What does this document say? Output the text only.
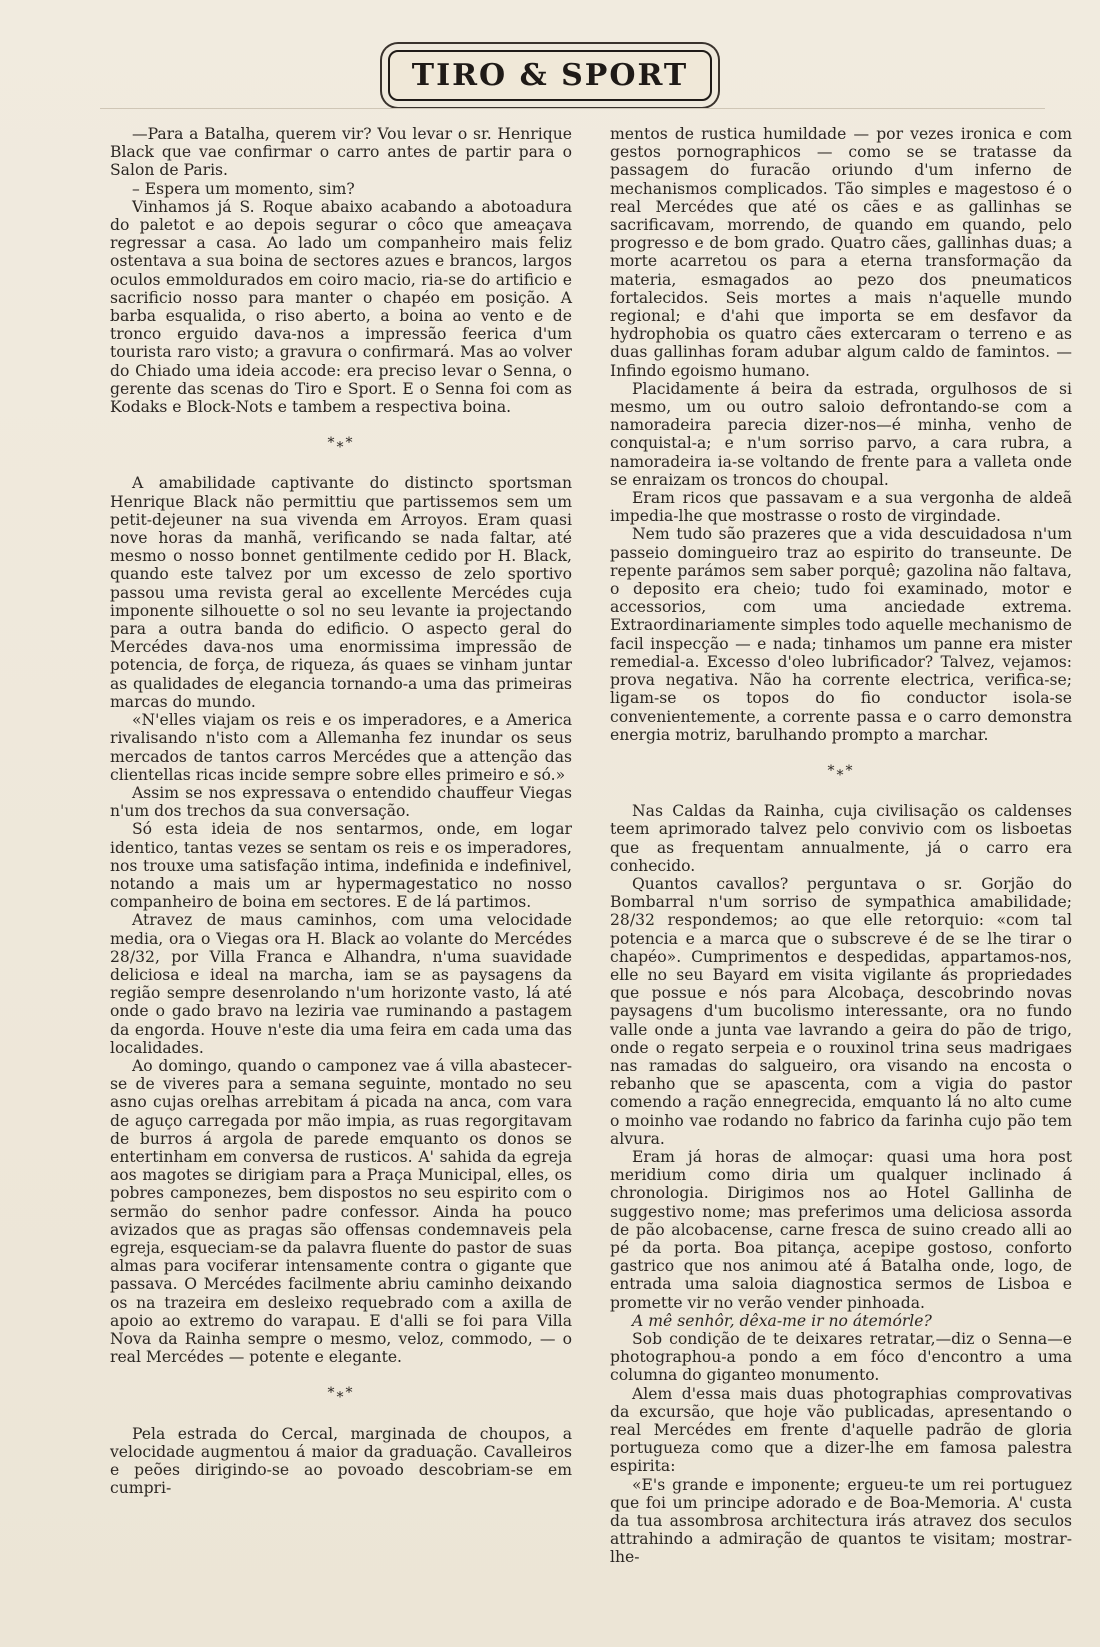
TIRO & SPORT

—Para a Batalha, querem vir? Vou levar o sr. Henrique Black que vae confirmar o carro antes de partir para o Salon de Paris.

– Espera um momento, sim?

Vinhamos já S. Roque abaixo acabando a abotoadura do paletot e ao depois segurar o côco que ameaçava regressar a casa. Ao lado um companheiro mais feliz ostentava a sua boina de sectores azues e brancos, largos oculos emmoldurados em coiro macio, ria-se do artificio e sacrificio nosso para manter o chapéo em posição. A barba esqualida, o riso aberto, a boina ao vento e de tronco erguido dava-nos a impressão feerica d'um tourista raro visto; a gravura o confirmará. Mas ao volver do Chiado uma ideia accode: era preciso levar o Senna, o gerente das scenas do Tiro e Sport. E o Senna foi com as Kodaks e Block-Nots e tambem a respectiva boina.

*⁎*

A amabilidade captivante do distincto sportsman Henrique Black não permittiu que partissemos sem um petit-dejeuner na sua vivenda em Arroyos. Eram quasi nove horas da manhã, verificando se nada faltar, até mesmo o nosso bonnet gentilmente cedido por H. Black, quando este talvez por um excesso de zelo sportivo passou uma revista geral ao excellente Mercédes cuja imponente silhouette o sol no seu levante ia projectando para a outra banda do edificio. O aspecto geral do Mercédes dava-nos uma enormissima impressão de potencia, de força, de riqueza, ás quaes se vinham juntar as qualidades de elegancia tornando-a uma das primeiras marcas do mundo.

«N'elles viajam os reis e os imperadores, e a America rivalisando n'isto com a Allemanha fez inundar os seus mercados de tantos carros Mercédes que a attenção das clientellas ricas incide sempre sobre elles primeiro e só.»

Assim se nos expressava o entendido chauffeur Viegas n'um dos trechos da sua conversação.

Só esta ideia de nos sentarmos, onde, em logar identico, tantas vezes se sentam os reis e os imperadores, nos trouxe uma satisfação intima, indefinida e indefinivel, notando a mais um ar hypermagestatico no nosso companheiro de boina em sectores. E de lá partimos.

Atravez de maus caminhos, com uma velocidade media, ora o Viegas ora H. Black ao volante do Mercédes 28/32, por Villa Franca e Alhandra, n'uma suavidade deliciosa e ideal na marcha, iam se as paysagens da região sempre desenrolando n'um horizonte vasto, lá até onde o gado bravo na leziria vae ruminando a pastagem da engorda. Houve n'este dia uma feira em cada uma das localidades.

Ao domingo, quando o camponez vae á villa abastecer-se de viveres para a semana seguinte, montado no seu asno cujas orelhas arrebitam á picada na anca, com vara de aguço carregada por mão impia, as ruas regorgitavam de burros á argola de parede emquanto os donos se entertinham em conversa de rusticos. A' sahida da egreja aos magotes se dirigiam para a Praça Municipal, elles, os pobres camponezes, bem dispostos no seu espirito com o sermão do senhor padre confessor. Ainda ha pouco avizados que as pragas são offensas condemnaveis pela egreja, esqueciam-se da palavra fluente do pastor de suas almas para vociferar intensamente contra o gigante que passava. O Mercédes facilmente abriu caminho deixando os na trazeira em desleixo requebrado com a axilla de apoio ao extremo do varapau. E d'alli se foi para Villa Nova da Rainha sempre o mesmo, veloz, commodo, — o real Mercédes — potente e elegante.

*⁎*

Pela estrada do Cercal, marginada de choupos, a velocidade augmentou á maior da graduação. Cavalleiros e peões dirigindo-se ao povoado descobriam-se em cumpri-

mentos de rustica humildade — por vezes ironica e com gestos pornographicos — como se se tratasse da passagem do furacão oriundo d'um inferno de mechanismos complicados. Tão simples e magestoso é o real Mercédes que até os cães e as gallinhas se sacrificavam, morrendo, de quando em quando, pelo progresso e de bom grado. Quatro cães, gallinhas duas; a morte acarretou os para a eterna transformação da materia, esmagados ao pezo dos pneumaticos fortalecidos. Seis mortes a mais n'aquelle mundo regional; e d'ahi que importa se em desfavor da hydrophobia os quatro cães extercaram o terreno e as duas gallinhas foram adubar algum caldo de famintos. — Infindo egoismo humano.

Placidamente á beira da estrada, orgulhosos de si mesmo, um ou outro saloio defrontando-se com a namoradeira parecia dizer-nos—é minha, venho de conquistal-a; e n'um sorriso parvo, a cara rubra, a namoradeira ia-se voltando de frente para a valleta onde se enraizam os troncos do choupal.

Eram ricos que passavam e a sua vergonha de aldeã impedia-lhe que mostrasse o rosto de virgindade.

Nem tudo são prazeres que a vida descuidadosa n'um passeio domingueiro traz ao espirito do transeunte. De repente parámos sem saber porquê; gazolina não faltava, o deposito era cheio; tudo foi examinado, motor e accessorios, com uma anciedade extrema. Extraordinariamente simples todo aquelle mechanismo de facil inspecção — e nada; tinhamos um panne era mister remedial-a. Excesso d'oleo lubrificador? Talvez, vejamos: prova negativa. Não ha corrente electrica, verifica-se; ligam-se os topos do fio conductor isola-se convenientemente, a corrente passa e o carro demonstra energia motriz, barulhando prompto a marchar.

*⁎*

Nas Caldas da Rainha, cuja civilisação os caldenses teem aprimorado talvez pelo convivio com os lisboetas que as frequentam annualmente, já o carro era conhecido.

Quantos cavallos? perguntava o sr. Gorjão do Bombarral n'um sorriso de sympathica amabilidade; 28/32 respondemos; ao que elle retorquio: «com tal potencia e a marca que o subscreve é de se lhe tirar o chapéo». Cumprimentos e despedidas, appartamos-nos, elle no seu Bayard em visita vigilante ás propriedades que possue e nós para Alcobaça, descobrindo novas paysagens d'um bucolismo interessante, ora no fundo valle onde a junta vae lavrando a geira do pão de trigo, onde o regato serpeia e o rouxinol trina seus madrigaes nas ramadas do salgueiro, ora visando na encosta o rebanho que se apascenta, com a vigia do pastor comendo a ração ennegrecida, emquanto lá no alto cume o moinho vae rodando no fabrico da farinha cujo pão tem alvura.

Eram já horas de almoçar: quasi uma hora post meridium como diria um qualquer inclinado á chronologia. Dirigimos nos ao Hotel Gallinha de suggestivo nome; mas preferimos uma deliciosa assorda de pão alcobacense, carne fresca de suino creado alli ao pé da porta. Boa pitança, acepipe gostoso, conforto gastrico que nos animou até á Batalha onde, logo, de entrada uma saloia diagnostica sermos de Lisboa e promette vir no verão vender pinhoada.

A mê senhôr, dêxa-me ir no átemórle?

Sob condição de te deixares retratar,—diz o Senna—e photographou-a pondo a em fóco d'encontro a uma columna do giganteo monumento.

Alem d'essa mais duas photographias comprovativas da excursão, que hoje vão publicadas, apresentando o real Mercédes em frente d'aquelle padrão de gloria portugueza como que a dizer-lhe em famosa palestra espirita:

«E's grande e imponente; ergueu-te um rei portuguez que foi um principe adorado e de Boa-Memoria. A' custa da tua assombrosa architectura irás atravez dos seculos attrahindo a admiração de quantos te visitam; mostrar-lhe-
